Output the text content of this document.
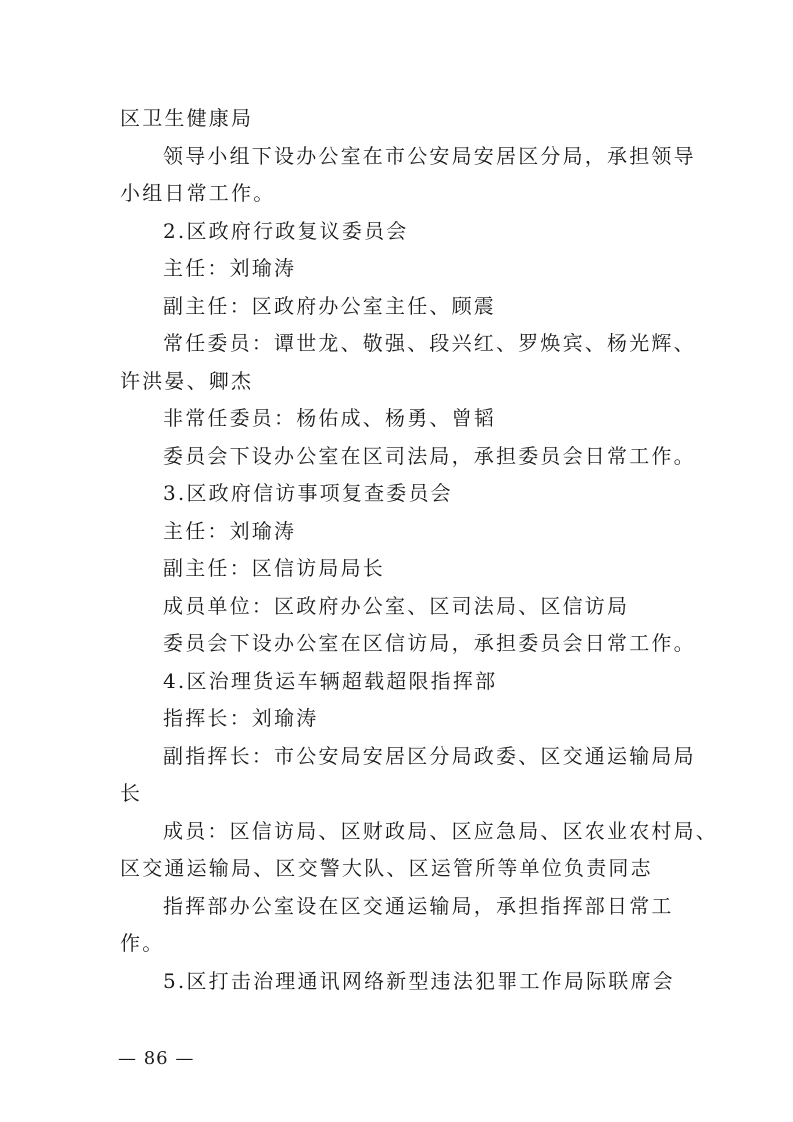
区卫生健康局
领导小组下设办公室在市公安局安居区分局，承担领导
小组日常工作。
2.区政府行政复议委员会
主任：刘瑜涛
副主任：区政府办公室主任、顾震
常任委员：谭世龙、敬强、段兴红、罗焕宾、杨光辉、
许洪晏、卿杰
非常任委员：杨佑成、杨勇、曾韬
委员会下设办公室在区司法局，承担委员会日常工作。
3.区政府信访事项复查委员会
主任：刘瑜涛
副主任：区信访局局长
成员单位：区政府办公室、区司法局、区信访局
委员会下设办公室在区信访局，承担委员会日常工作。
4.区治理货运车辆超载超限指挥部
指挥长：刘瑜涛
副指挥长：市公安局安居区分局政委、区交通运输局局
长
成员：区信访局、区财政局、区应急局、区农业农村局、
区交通运输局、区交警大队、区运管所等单位负责同志
指挥部办公室设在区交通运输局，承担指挥部日常工
作。
5.区打击治理通讯网络新型违法犯罪工作局际联席会
— 86 —
